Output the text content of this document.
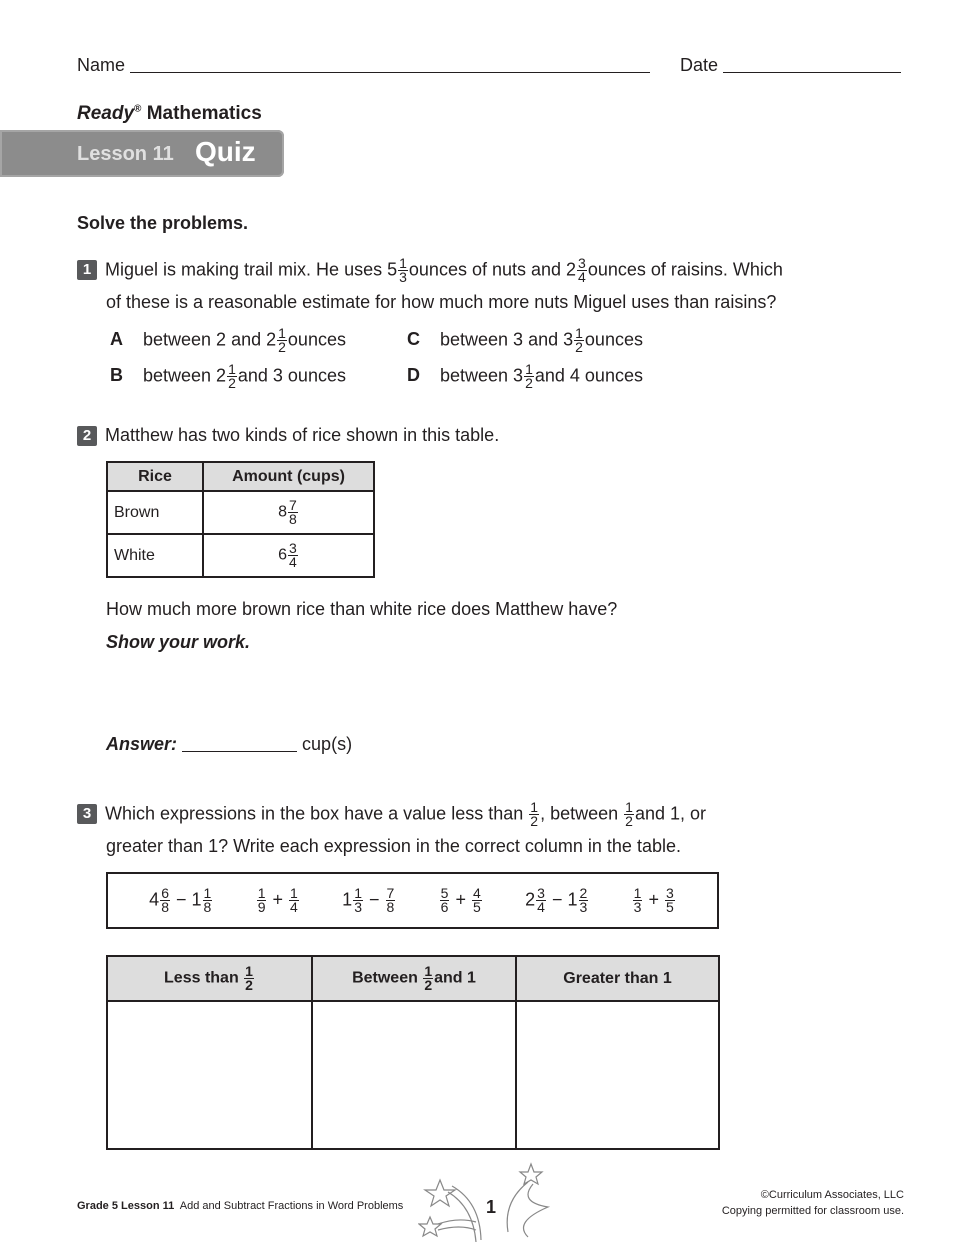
Name	Date
Ready® Mathematics
Lesson 11 Quiz
Solve the problems.
1 Miguel is making trail mix. He uses $5 \frac{1}{3}$ ounces of nuts and $2 \frac{3}{4}$ ounces of raisins. Which
of these is a reasonable estimate for how much more nuts Miguel uses than raisins?
A between 2 and $2 \frac{1}{2}$ ounces
B between $2 \frac{1}{2}$ and 3 ounces
C between 3 and $3 \frac{1}{2}$ ounces
D between $3 \frac{1}{2}$ and 4 ounces
2 Matthew has two kinds of rice shown in this table.
Rice	Amount (cups)
Brown	$8 \frac{7}{8}$

White	$6 \frac{3}{4}$
How much more brown rice than white rice does Matthew have?
Show your work.
Answer:	cup(s)
3 Which expressions in the box have a value less than $\frac{1}{2}$ , between $\frac{1}{2}$ and 1, or
greater than 1? Write each expression in the correct column in the table.
$4 \frac{6}{8} - 1 \frac{1}{8}$	$\frac{1}{9} + \frac{1}{4} 1 \frac{1}{3} - \frac{7}{8}$	$\frac{5}{6} + \frac{4}{5} 2 \frac{3}{4} - 1 \frac{2}{3}$	$\frac{1}{3} + \frac{3}{5}$
Less than $\frac{1}{2}$	Between $\frac{1}{2}$ and 1	Greater than 1

Grade 5 Lesson 11 Add and Subtract Fractions in Word Problems	1
©Curriculum Associates, LLC
Copying permitted for classroom use.
